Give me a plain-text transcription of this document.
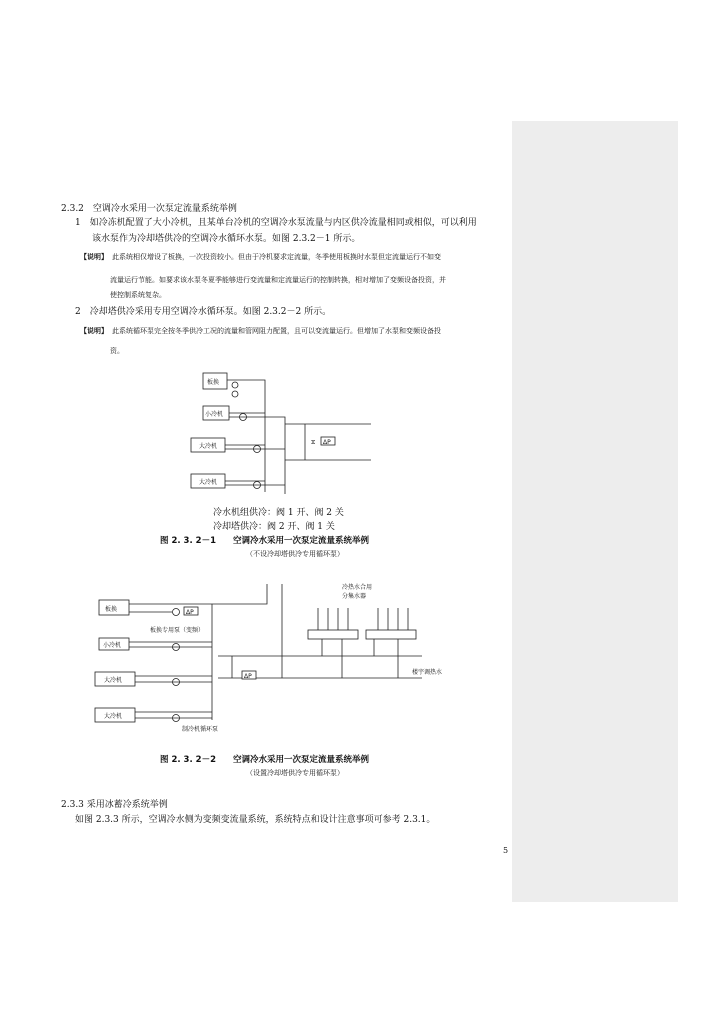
2.3.2　空调冷水采用一次泵定流量系统举例
1　如冷冻机配置了大小冷机，且某单台冷机的空调冷水泵流量与内区供冷流量相同或相似，可以利用
该水泵作为冷却塔供冷的空调冷水循环水泵。如图 2.3.2－1 所示。
【说明】 此系统相仅增设了板换，一次投资较小。但由于冷机要求定流量，冬季使用板换时水泵但定流量运行不如变
流量运行节能。如要求该水泵冬夏季能够进行变流量和定流量运行的控制转换，相对增加了变频设备投资，并
使控制系统复杂。
2　冷却塔供冷采用专用空调冷水循环泵。如图 2.3.2－2 所示。
【说明】 此系统循环泵完全按冬季供冷工况的流量和管网阻力配置，且可以变流量运行。但增加了水泵和变频设备投
资。
板换
小冷机
大冷机
大冷机
ΔP
⧖
冷水机组供冷：阀 1 开、阀 2 关
冷却塔供冷：阀 2 开、阀 1 关
图 2. 3. 2－1　　空调冷水采用一次泵定流量系统举例
（不设冷却塔供冷专用循环泵）
板换
板换专用泵（变频）
小冷机
大冷机
大冷机
制冷机循环泵
ΔP
ΔP
冷热水合用
分集水器
楼宇调热水
图 2. 3. 2－2　　空调冷水采用一次泵定流量系统举例
（设置冷却塔供冷专用循环泵）
2.3.3 采用冰蓄冷系统举例
如图 2.3.3 所示，空调冷水侧为变频变流量系统，系统特点和设计注意事项可参考 2.3.1。
5
